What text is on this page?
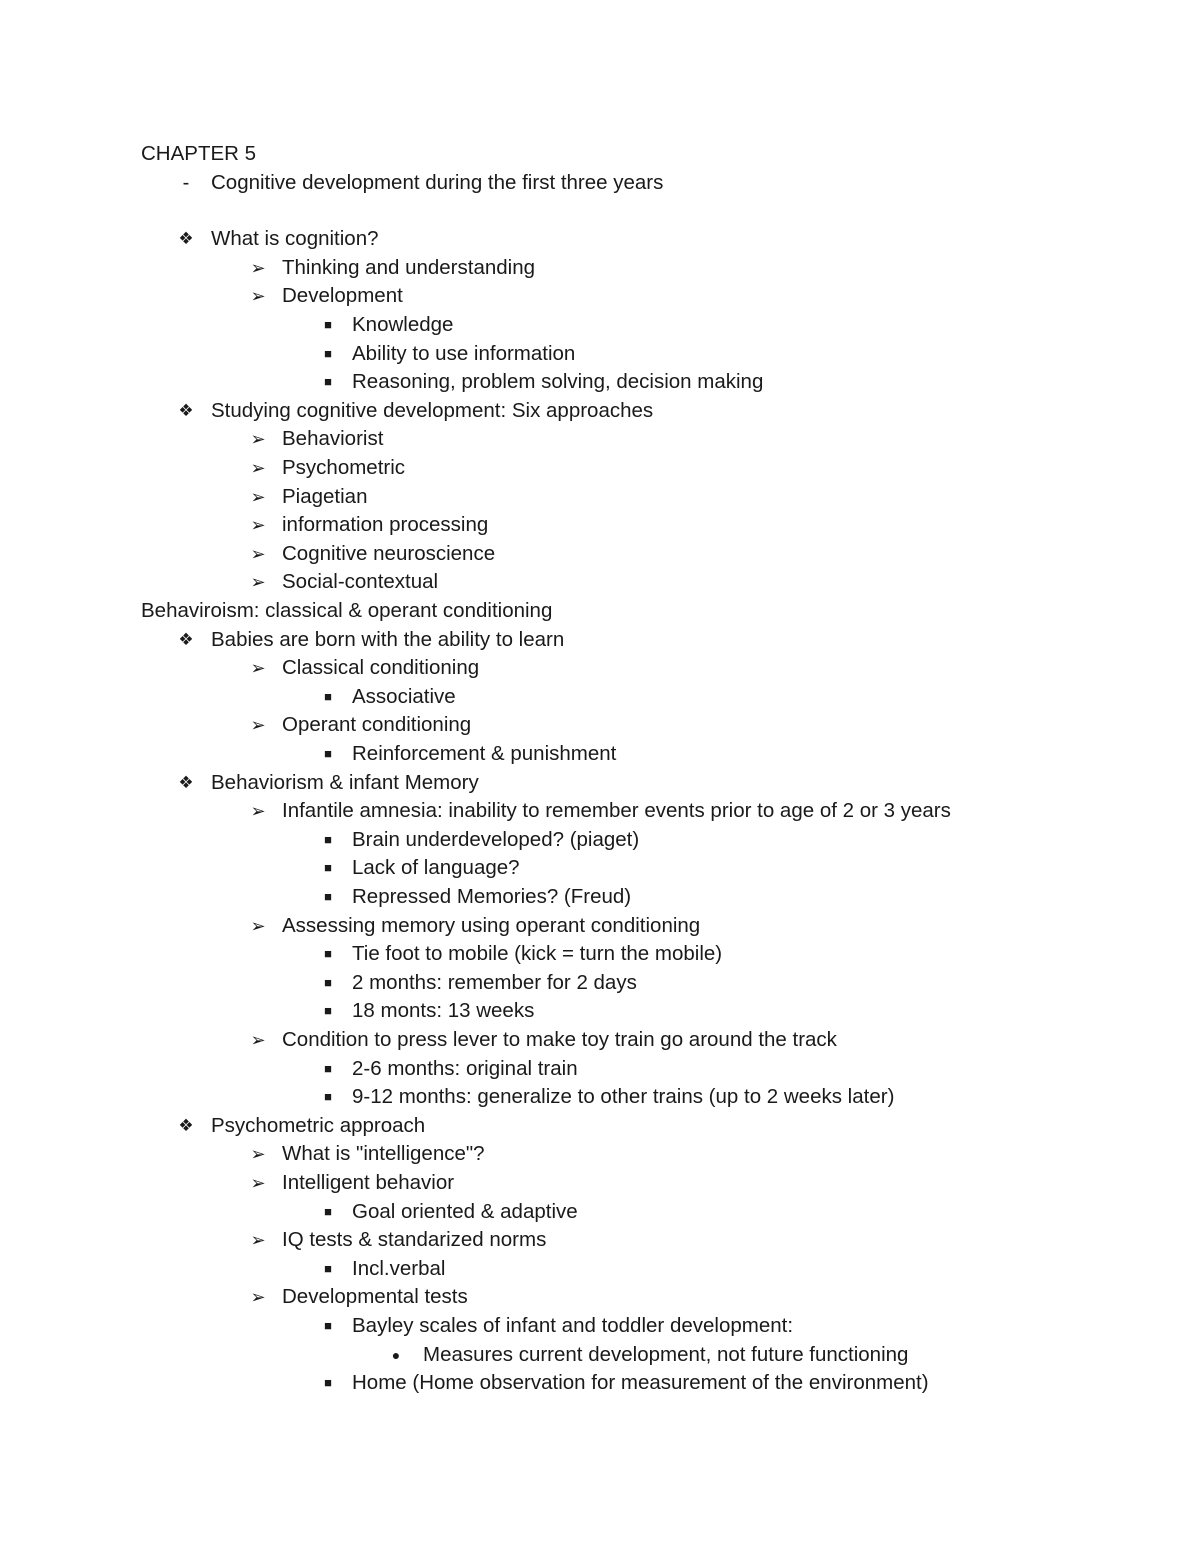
CHAPTER 5
-	Cognitive development during the first three years
❖ What is cognition?
➢ Thinking and understanding
➢ Development
■ Knowledge
■ Ability to use information
■ Reasoning, problem solving, decision making
❖ Studying cognitive development: Six approaches
➢ Behaviorist
➢ Psychometric
➢ Piagetian
➢ information processing
➢ Cognitive neuroscience
➢ Social-contextual
Behaviroism: classical & operant conditioning
❖ Babies are born with the ability to learn
➢ Classical conditioning
■ Associative
➢ Operant conditioning
■ Reinforcement & punishment
❖ Behaviorism & infant Memory
➢ Infantile amnesia: inability to remember events prior to age of 2 or 3 years
■ Brain underdeveloped? (piaget)
■ Lack of language?
■ Repressed Memories? (Freud)
➢ Assessing memory using operant conditioning
■ Tie foot to mobile (kick = turn the mobile)
■ 2 months: remember for 2 days
■ 18 monts: 13 weeks
➢ Condition to press lever to make toy train go around the track
■ 2-6 months: original train
■ 9-12 months: generalize to other trains (up to 2 weeks later)
❖ Psychometric approach
➢ What is "intelligence"?
➢ Intelligent behavior
■ Goal oriented & adaptive
➢ IQ tests & standarized norms
■ Incl.verbal
➢ Developmental tests
■ Bayley scales of infant and toddler development:
●	Measures current development, not future functioning
■ Home (Home observation for measurement of the environment)
